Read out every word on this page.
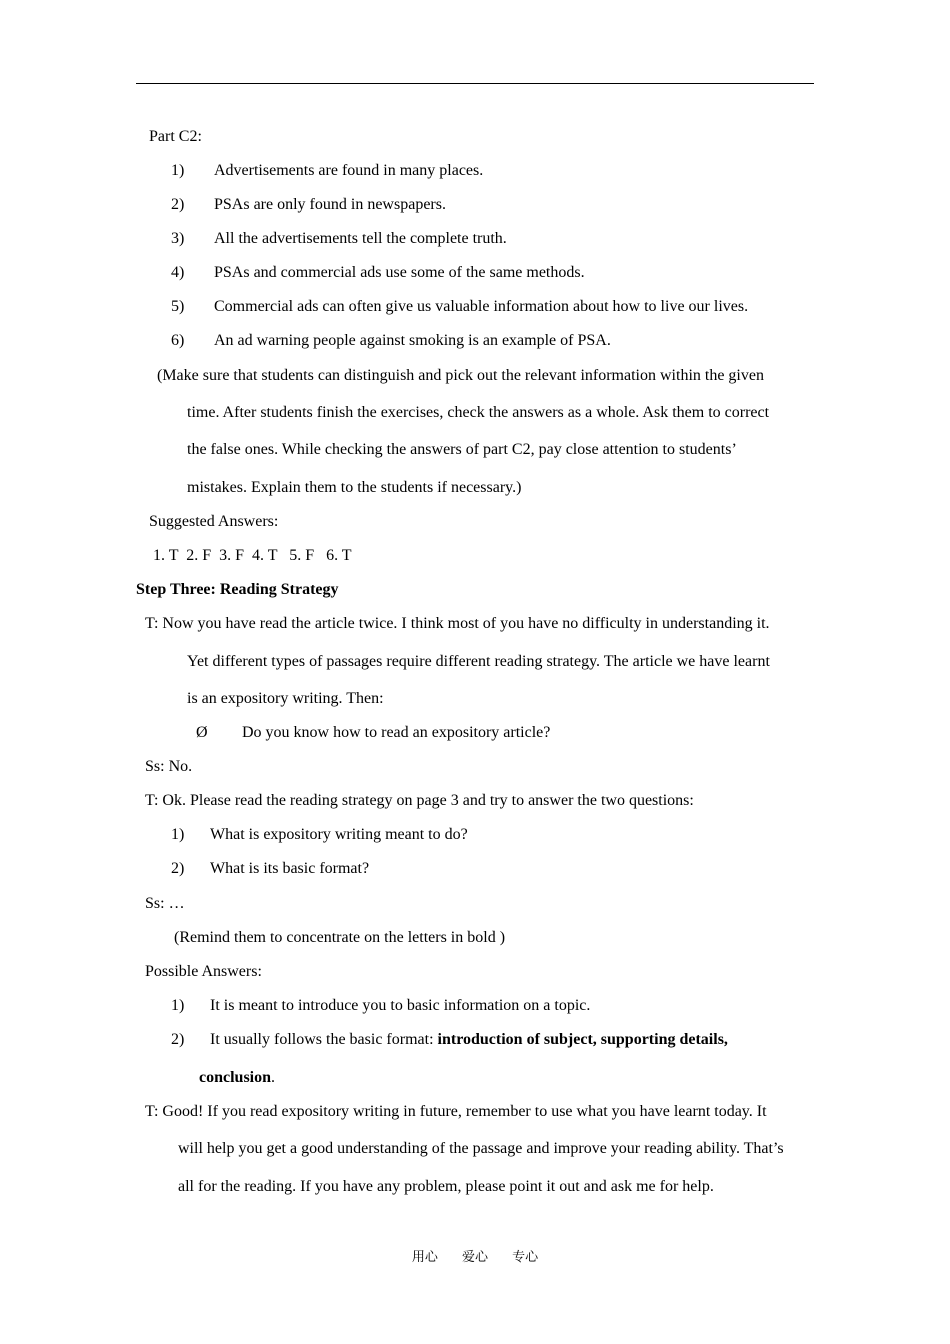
Part C2:
1) Advertisements are found in many places.
2) PSAs are only found in newspapers.
3) All the advertisements tell the complete truth.
4) PSAs and commercial ads use some of the same methods.
5) Commercial ads can often give us valuable information about how to live our lives.
6) An ad warning people against smoking is an example of PSA.
(Make sure that students can distinguish and pick out the relevant information within the given
time. After students finish the exercises, check the answers as a whole. Ask them to correct
the false ones. While checking the answers of part C2, pay close attention to students’
mistakes. Explain them to the students if necessary.)
Suggested Answers:
1. T  2. F  3. F  4. T   5. F   6. T
Step Three: Reading Strategy
T: Now you have read the article twice. I think most of you have no difficulty in understanding it.
Yet different types of passages require different reading strategy. The article we have learnt
is an expository writing. Then:
Ø Do you know how to read an expository article?
Ss: No.
T: Ok. Please read the reading strategy on page 3 and try to answer the two questions:
1) What is expository writing meant to do?
2) What is its basic format?
Ss: …
(Remind them to concentrate on the letters in bold )
Possible Answers:
1) It is meant to introduce you to basic information on a topic.
2) It usually follows the basic format: introduction of subject, supporting details,
conclusion.
T: Good! If you read expository writing in future, remember to use what you have learnt today. It
will help you get a good understanding of the passage and improve your reading ability. That’s
all for the reading. If you have any problem, please point it out and ask me for help.
用心 爱心 专心
